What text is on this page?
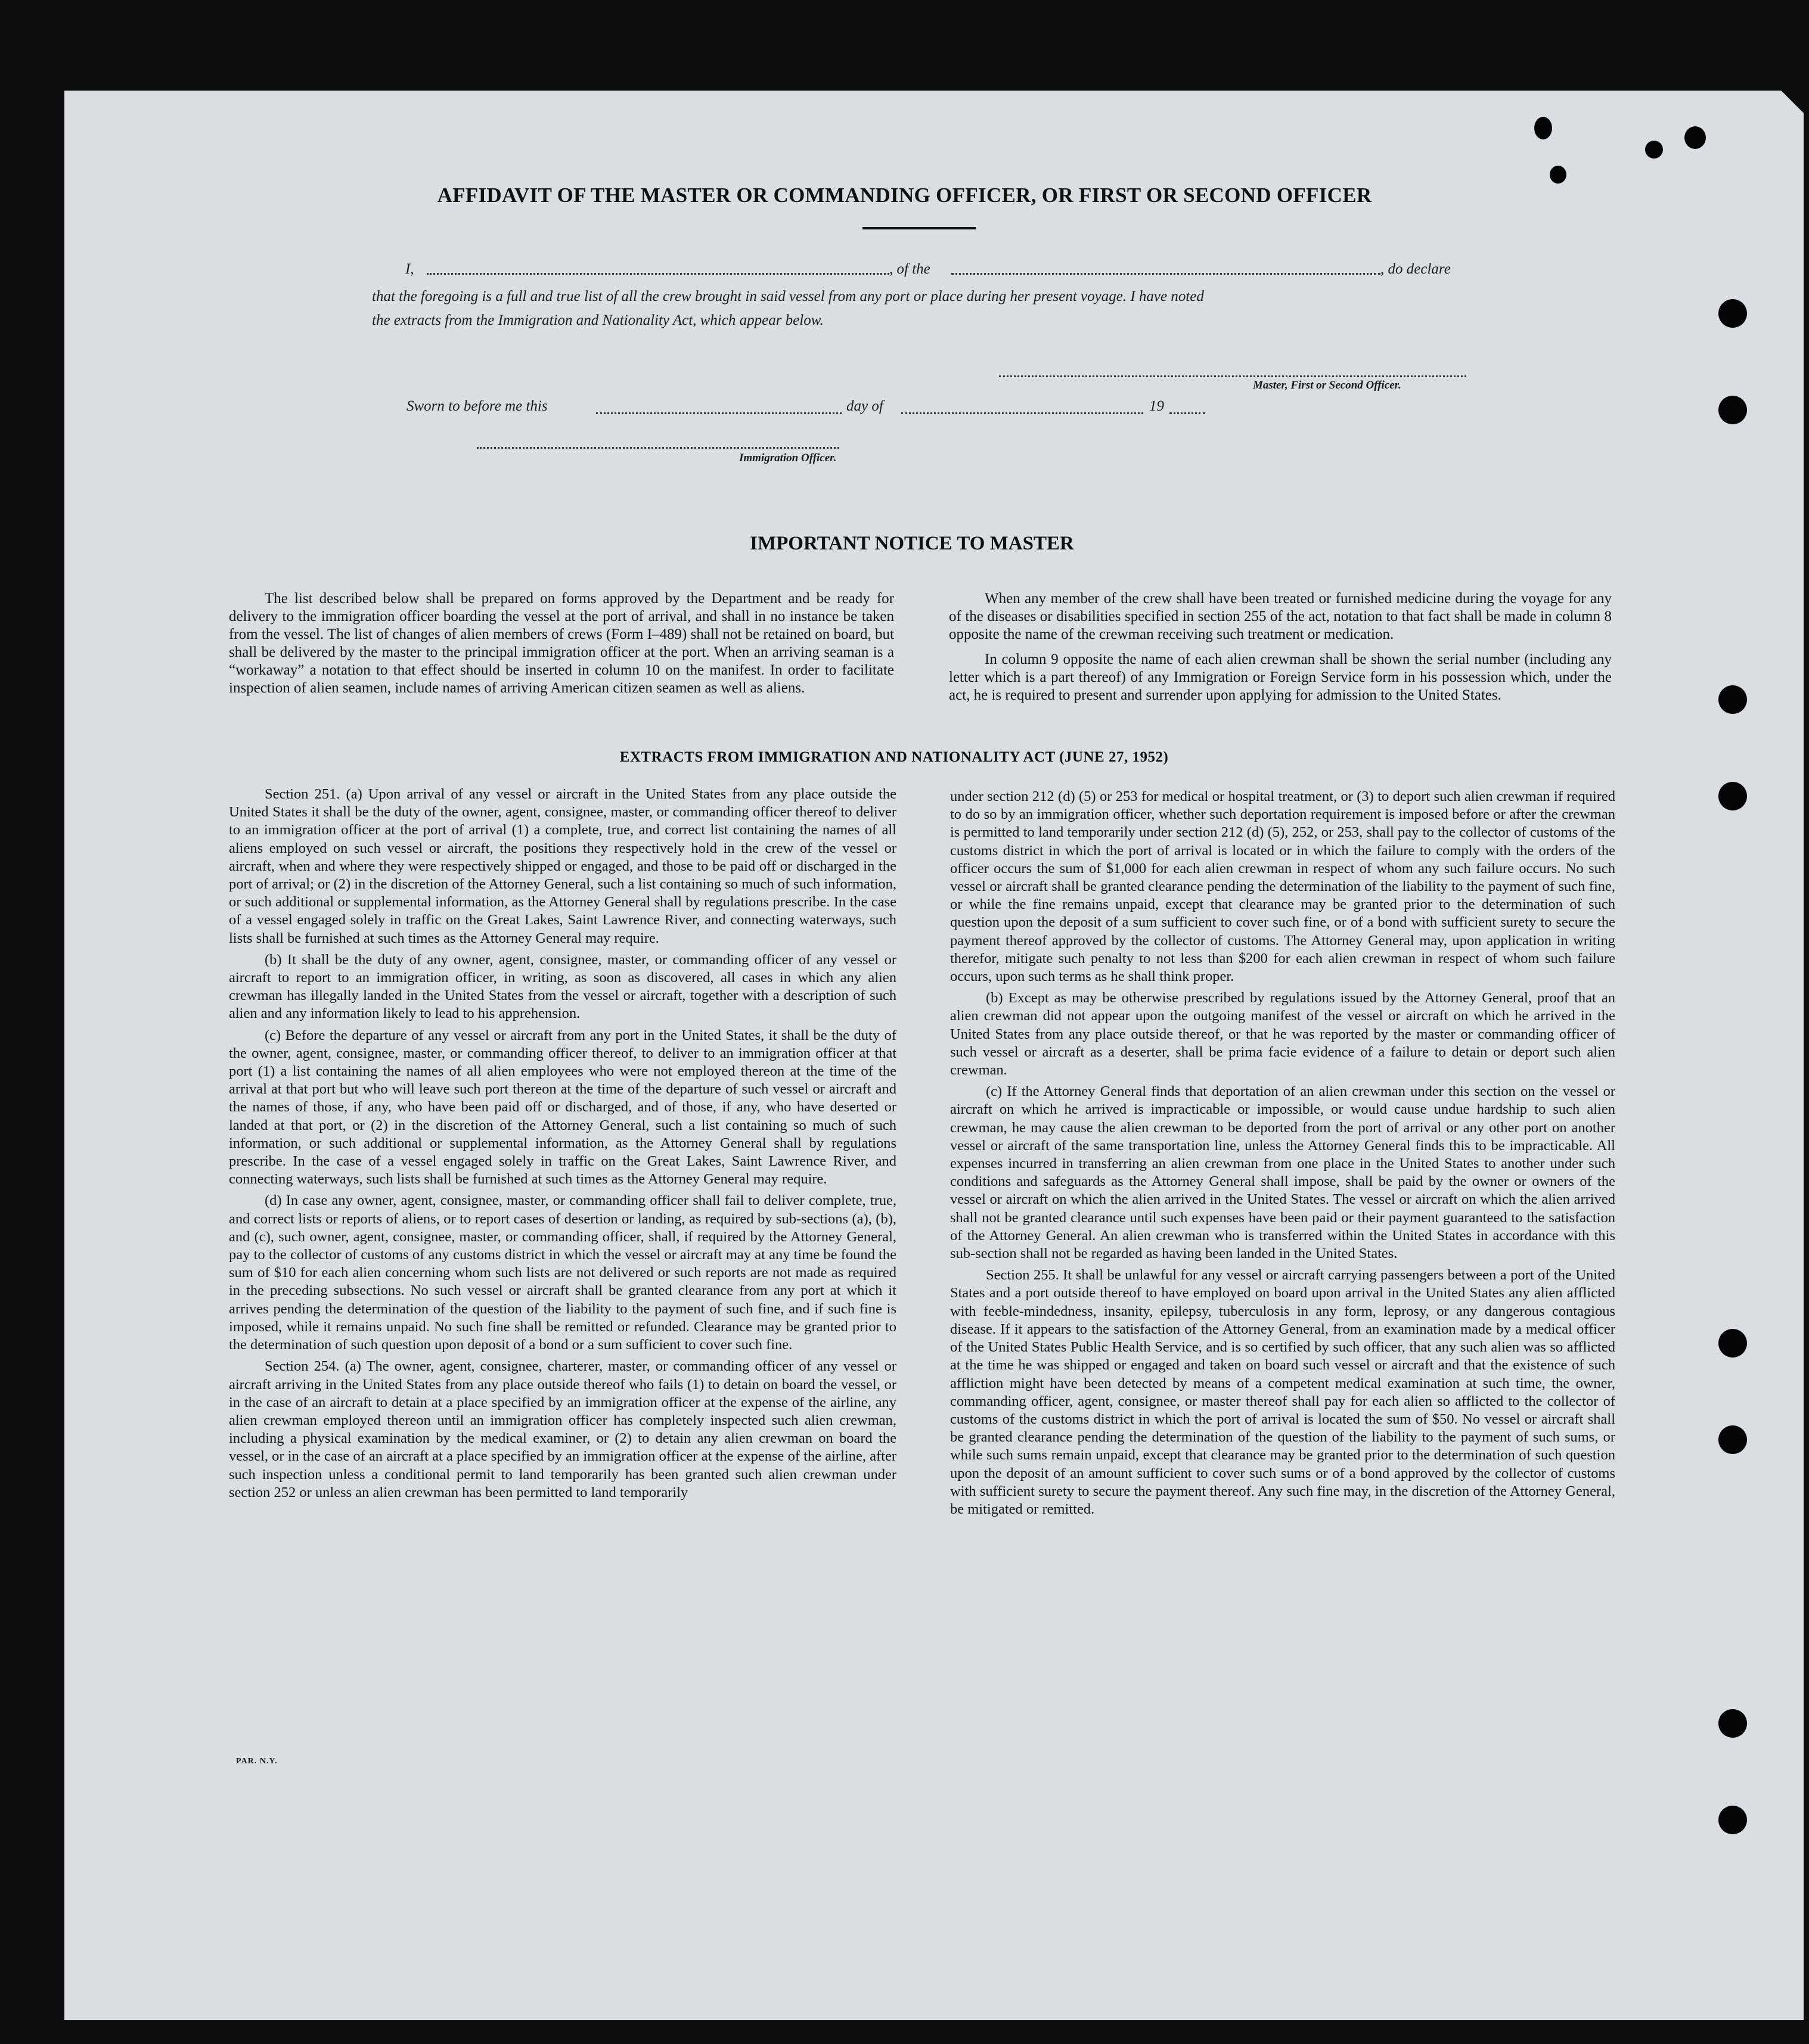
AFFIDAVIT OF THE MASTER OR COMMANDING OFFICER, OR FIRST OR SECOND OFFICER
I,	, of the	, do declare
that the foregoing is a full and true list of all the crew brought in said vessel from any port or place during her present voyage. I have noted
the extracts from the Immigration and Nationality Act, which appear below.
Master, First or Second Officer.
Sworn to before me this	day of	19
Immigration Officer.
IMPORTANT NOTICE TO MASTER

The list described below shall be prepared on forms approved by the Department and be ready for delivery to the immigration officer boarding the vessel at the port of arrival, and shall in no instance be taken from the vessel. The list of changes of alien members of crews (Form I–489) shall not be retained on board, but shall be delivered by the master to the principal immigration officer at the port. When an arriving seaman is a “workaway” a notation to that effect should be inserted in column 10 on the manifest. In order to facilitate inspection of alien seamen, include names of arriving American citizen seamen as well as aliens.

When any member of the crew shall have been treated or furnished medicine during the voyage for any of the diseases or disabilities specified in section 255 of the act, notation to that fact shall be made in column 8 opposite the name of the crewman receiving such treatment or medication.

In column 9 opposite the name of each alien crewman shall be shown the serial number (including any letter which is a part thereof) of any Immigration or Foreign Service form in his possession which, under the act, he is required to present and surrender upon applying for admission to the United States.

EXTRACTS FROM IMMIGRATION AND NATIONALITY ACT (JUNE 27, 1952)

Section 251. (a) Upon arrival of any vessel or aircraft in the United States from any place outside the United States it shall be the duty of the owner, agent, consignee, master, or commanding officer thereof to deliver to an immigration officer at the port of arrival (1) a complete, true, and correct list containing the names of all aliens employed on such vessel or aircraft, the positions they respectively hold in the crew of the vessel or aircraft, when and where they were respectively shipped or engaged, and those to be paid off or discharged in the port of arrival; or (2) in the discretion of the Attorney General, such a list containing so much of such information, or such additional or supplemental information, as the Attorney General shall by regulations prescribe. In the case of a vessel engaged solely in traffic on the Great Lakes, Saint Lawrence River, and connecting waterways, such lists shall be furnished at such times as the Attorney General may require.

(b) It shall be the duty of any owner, agent, consignee, master, or commanding officer of any vessel or aircraft to report to an immigration officer, in writing, as soon as discovered, all cases in which any alien crewman has illegally landed in the United States from the vessel or aircraft, together with a description of such alien and any information likely to lead to his apprehension.

(c) Before the departure of any vessel or aircraft from any port in the United States, it shall be the duty of the owner, agent, consignee, master, or commanding officer thereof, to deliver to an immigration officer at that port (1) a list containing the names of all alien employees who were not employed thereon at the time of the arrival at that port but who will leave such port thereon at the time of the departure of such vessel or aircraft and the names of those, if any, who have been paid off or discharged, and of those, if any, who have deserted or landed at that port, or (2) in the discretion of the Attorney General, such a list containing so much of such information, or such additional or supplemental information, as the Attorney General shall by regulations prescribe. In the case of a vessel engaged solely in traffic on the Great Lakes, Saint Lawrence River, and connecting waterways, such lists shall be furnished at such times as the Attorney General may require.

(d) In case any owner, agent, consignee, master, or commanding officer shall fail to deliver complete, true, and correct lists or reports of aliens, or to report cases of desertion or landing, as required by sub-sections (a), (b), and (c), such owner, agent, consignee, master, or commanding officer, shall, if required by the Attorney General, pay to the collector of customs of any customs district in which the vessel or aircraft may at any time be found the sum of $10 for each alien concerning whom such lists are not delivered or such reports are not made as required in the preceding subsections. No such vessel or aircraft shall be granted clearance from any port at which it arrives pending the determination of the question of the liability to the payment of such fine, and if such fine is imposed, while it remains unpaid. No such fine shall be remitted or refunded. Clearance may be granted prior to the determination of such question upon deposit of a bond or a sum sufficient to cover such fine.

Section 254. (a) The owner, agent, consignee, charterer, master, or commanding officer of any vessel or aircraft arriving in the United States from any place outside thereof who fails (1) to detain on board the vessel, or in the case of an aircraft to detain at a place specified by an immigration officer at the expense of the airline, any alien crewman employed thereon until an immigration officer has completely inspected such alien crewman, including a physical examination by the medical examiner, or (2) to detain any alien crewman on board the vessel, or in the case of an aircraft at a place specified by an immigration officer at the expense of the airline, after such inspection unless a conditional permit to land temporarily has been granted such alien crewman under section 252 or unless an alien crewman has been permitted to land temporarily

under section 212 (d) (5) or 253 for medical or hospital treatment, or (3) to deport such alien crewman if required to do so by an immigration officer, whether such deportation requirement is imposed before or after the crewman is permitted to land temporarily under section 212 (d) (5), 252, or 253, shall pay to the collector of customs of the customs district in which the port of arrival is located or in which the failure to comply with the orders of the officer occurs the sum of $1,000 for each alien crewman in respect of whom any such failure occurs. No such vessel or aircraft shall be granted clearance pending the determination of the liability to the payment of such fine, or while the fine remains unpaid, except that clearance may be granted prior to the determination of such question upon the deposit of a sum sufficient to cover such fine, or of a bond with sufficient surety to secure the payment thereof approved by the collector of customs. The Attorney General may, upon application in writing therefor, mitigate such penalty to not less than $200 for each alien crewman in respect of whom such failure occurs, upon such terms as he shall think proper.

(b) Except as may be otherwise prescribed by regulations issued by the Attorney General, proof that an alien crewman did not appear upon the outgoing manifest of the vessel or aircraft on which he arrived in the United States from any place outside thereof, or that he was reported by the master or commanding officer of such vessel or aircraft as a deserter, shall be prima facie evidence of a failure to detain or deport such alien crewman.

(c) If the Attorney General finds that deportation of an alien crewman under this section on the vessel or aircraft on which he arrived is impracticable or impossible, or would cause undue hardship to such alien crewman, he may cause the alien crewman to be deported from the port of arrival or any other port on another vessel or aircraft of the same transportation line, unless the Attorney General finds this to be impracticable. All expenses incurred in transferring an alien crewman from one place in the United States to another under such conditions and safeguards as the Attorney General shall impose, shall be paid by the owner or owners of the vessel or aircraft on which the alien arrived in the United States. The vessel or aircraft on which the alien arrived shall not be granted clearance until such expenses have been paid or their payment guaranteed to the satisfaction of the Attorney General. An alien crewman who is transferred within the United States in accordance with this sub-section shall not be regarded as having been landed in the United States.

Section 255. It shall be unlawful for any vessel or aircraft carrying passengers between a port of the United States and a port outside thereof to have employed on board upon arrival in the United States any alien afflicted with feeble-mindedness, insanity, epilepsy, tuberculosis in any form, leprosy, or any dangerous contagious disease. If it appears to the satisfaction of the Attorney General, from an examination made by a medical officer of the United States Public Health Service, and is so certified by such officer, that any such alien was so afflicted at the time he was shipped or engaged and taken on board such vessel or aircraft and that the existence of such affliction might have been detected by means of a competent medical examination at such time, the owner, commanding officer, agent, consignee, or master thereof shall pay for each alien so afflicted to the collector of customs of the customs district in which the port of arrival is located the sum of $50. No vessel or aircraft shall be granted clearance pending the determination of the question of the liability to the payment of such sums, or while such sums remain unpaid, except that clearance may be granted prior to the determination of such question upon the deposit of an amount sufficient to cover such sums or of a bond approved by the collector of customs with sufficient surety to secure the payment thereof. Any such fine may, in the discretion of the Attorney General, be mitigated or remitted.

PAR. N.Y.
